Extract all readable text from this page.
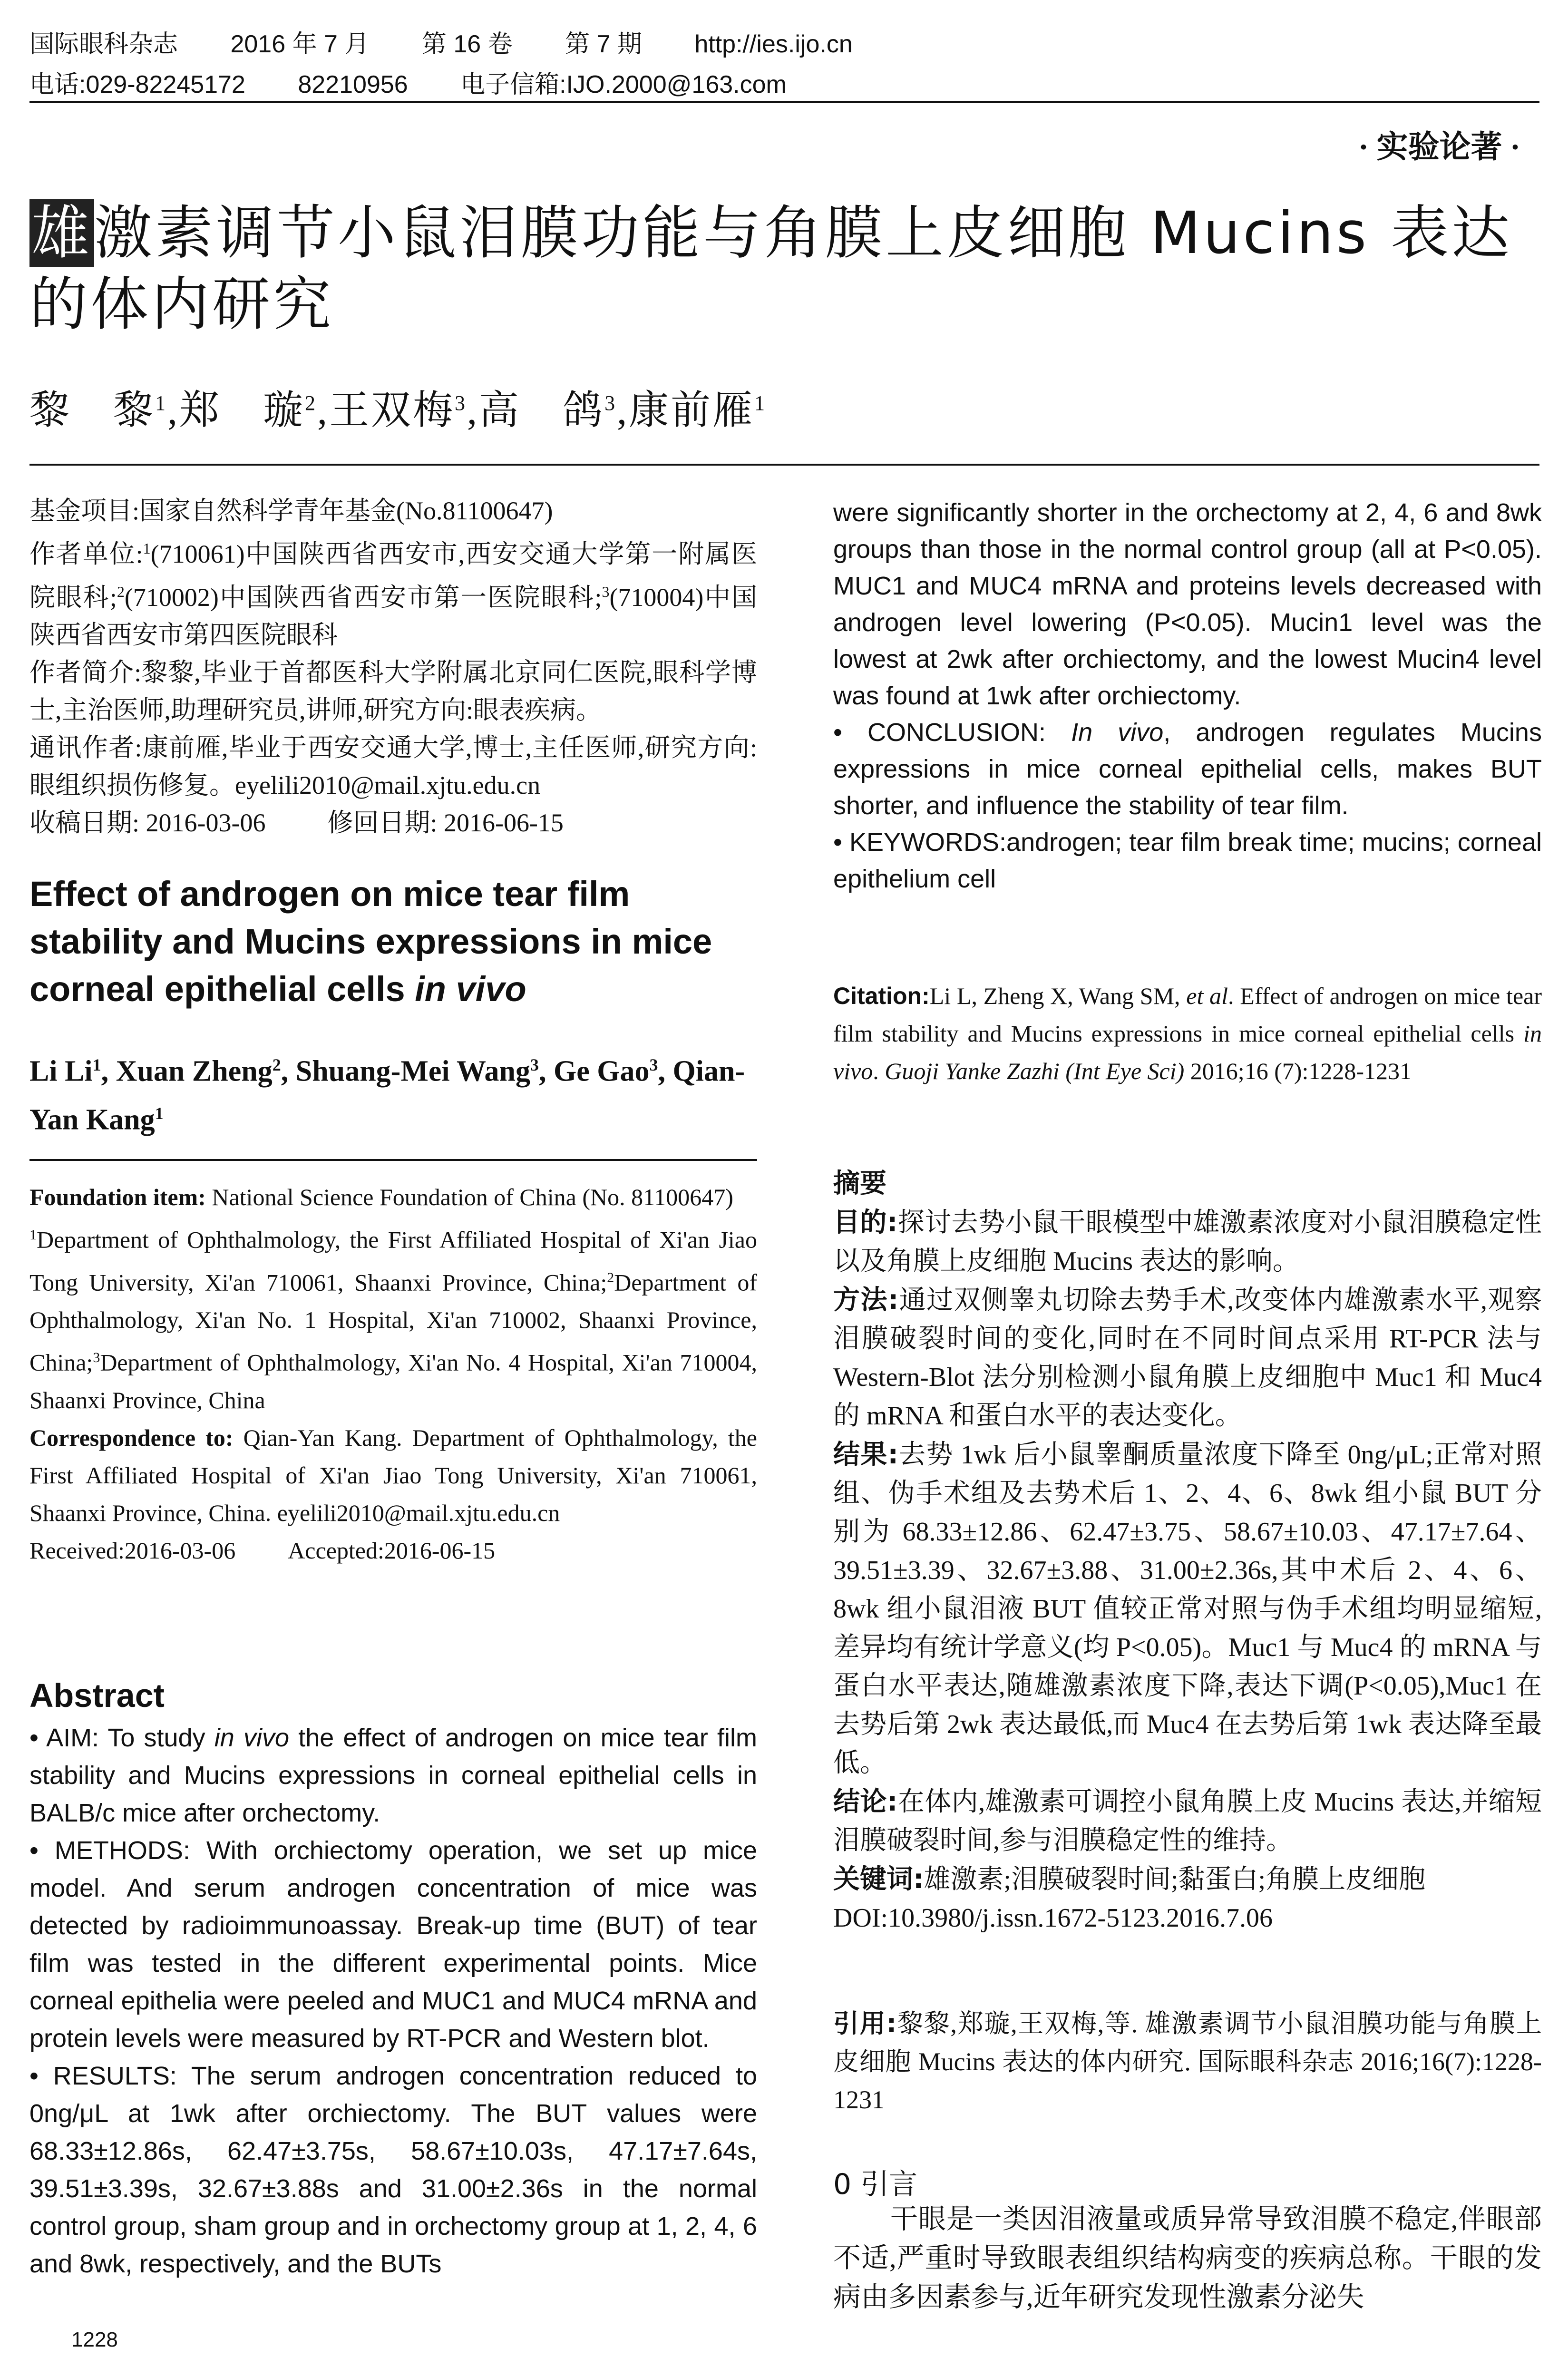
国际眼科杂志 2016 年 7 月 第 16 卷 第 7 期 http://ies.ijo.cn
电话:029-82245172 82210956 电子信箱:IJO.2000@163.com
· 实验论著 ·
雄激素调节小鼠泪膜功能与角膜上皮细胞 Mucins 表达的体内研究
黎　黎$^1$,郑　璇$^2$,王双梅$^3$,高　鸽$^3$,康前雁$^1$

基金项目:国家自然科学青年基金(No.81100647)

作者单位:$^1$(710061)中国陕西省西安市,西安交通大学第一附属医院眼科;$^2$(710002)中国陕西省西安市第一医院眼科;$^3$(710004)中国陕西省西安市第四医院眼科

作者简介:黎黎,毕业于首都医科大学附属北京同仁医院,眼科学博士,主治医师,助理研究员,讲师,研究方向:眼表疾病。

通讯作者:康前雁,毕业于西安交通大学,博士,主任医师,研究方向:眼组织损伤修复。eyelili2010@mail.xjtu.edu.cn

收稿日期: 2016-03-06 修回日期: 2016-06-15

Effect of androgen on mice tear film stability and Mucins expressions in mice corneal epithelial cells in vivo
Li Li$^1$, Xuan Zheng$^2$, Shuang-Mei Wang$^3$, Ge Gao$^3$, Qian-Yan Kang$^1$

Foundation item: National Science Foundation of China (No. 81100647)

$^1$Department of Ophthalmology, the First Affiliated Hospital of Xi'an Jiao Tong University, Xi'an 710061, Shaanxi Province, China;$^2$Department of Ophthalmology, Xi'an No. 1 Hospital, Xi'an 710002, Shaanxi Province, China;$^3$Department of Ophthalmology, Xi'an No. 4 Hospital, Xi'an 710004, Shaanxi Province, China

Correspondence to: Qian-Yan Kang. Department of Ophthalmology, the First Affiliated Hospital of Xi'an Jiao Tong University, Xi'an 710061, Shaanxi Province, China. eyelili2010@mail.xjtu.edu.cn

Received:2016-03-06 Accepted:2016-06-15

Abstract

• AIM: To study in vivo the effect of androgen on mice tear film stability and Mucins expressions in corneal epithelial cells in BALB/c mice after orchectomy.

• METHODS: With orchiectomy operation, we set up mice model. And serum androgen concentration of mice was detected by radioimmunoassay. Break-up time (BUT) of tear film was tested in the different experimental points. Mice corneal epithelia were peeled and MUC1 and MUC4 mRNA and protein levels were measured by RT-PCR and Western blot.

• RESULTS: The serum androgen concentration reduced to 0ng/μL at 1wk after orchiectomy. The BUT values were 68.33±12.86s, 62.47±3.75s, 58.67±10.03s, 47.17±7.64s, 39.51±3.39s, 32.67±3.88s and 31.00±2.36s in the normal control group, sham group and in orchectomy group at 1, 2, 4, 6 and 8wk, respectively, and the BUTs

were significantly shorter in the orchectomy at 2, 4, 6 and 8wk groups than those in the normal control group (all at P<0.05). MUC1 and MUC4 mRNA and proteins levels decreased with androgen level lowering (P<0.05). Mucin1 level was the lowest at 2wk after orchiectomy, and the lowest Mucin4 level was found at 1wk after orchiectomy.

• CONCLUSION: In vivo, androgen regulates Mucins expressions in mice corneal epithelial cells, makes BUT shorter, and influence the stability of tear film.

• KEYWORDS:androgen; tear film break time; mucins; corneal epithelium cell

Citation:Li L, Zheng X, Wang SM, et al. Effect of androgen on mice tear film stability and Mucins expressions in mice corneal epithelial cells in vivo. Guoji Yanke Zazhi (Int Eye Sci) 2016;16 (7):1228-1231

摘要

目的:探讨去势小鼠干眼模型中雄激素浓度对小鼠泪膜稳定性以及角膜上皮细胞 Mucins 表达的影响。

方法:通过双侧睾丸切除去势手术,改变体内雄激素水平,观察泪膜破裂时间的变化,同时在不同时间点采用 RT-PCR 法与 Western-Blot 法分别检测小鼠角膜上皮细胞中 Muc1 和 Muc4 的 mRNA 和蛋白水平的表达变化。

结果:去势 1wk 后小鼠睾酮质量浓度下降至 0ng/μL;正常对照组、伪手术组及去势术后 1、2、4、6、8wk 组小鼠 BUT 分别为 68.33±12.86、62.47±3.75、58.67±10.03、47.17±7.64、39.51±3.39、32.67±3.88、31.00±2.36s,其中术后 2、4、6、8wk 组小鼠泪液 BUT 值较正常对照与伪手术组均明显缩短,差异均有统计学意义(均 P<0.05)。Muc1 与 Muc4 的 mRNA 与蛋白水平表达,随雄激素浓度下降,表达下调(P<0.05),Muc1 在去势后第 2wk 表达最低,而 Muc4 在去势后第 1wk 表达降至最低。

结论:在体内,雄激素可调控小鼠角膜上皮 Mucins 表达,并缩短泪膜破裂时间,参与泪膜稳定性的维持。

关键词:雄激素;泪膜破裂时间;黏蛋白;角膜上皮细胞

DOI:10.3980/j.issn.1672-5123.2016.7.06

引用:黎黎,郑璇,王双梅,等. 雄激素调节小鼠泪膜功能与角膜上皮细胞 Mucins 表达的体内研究. 国际眼科杂志 2016;16(7):1228-1231

0 引言

干眼是一类因泪液量或质异常导致泪膜不稳定,伴眼部不适,严重时导致眼表组织结构病变的疾病总称。干眼的发病由多因素参与,近年研究发现性激素分泌失

1228
